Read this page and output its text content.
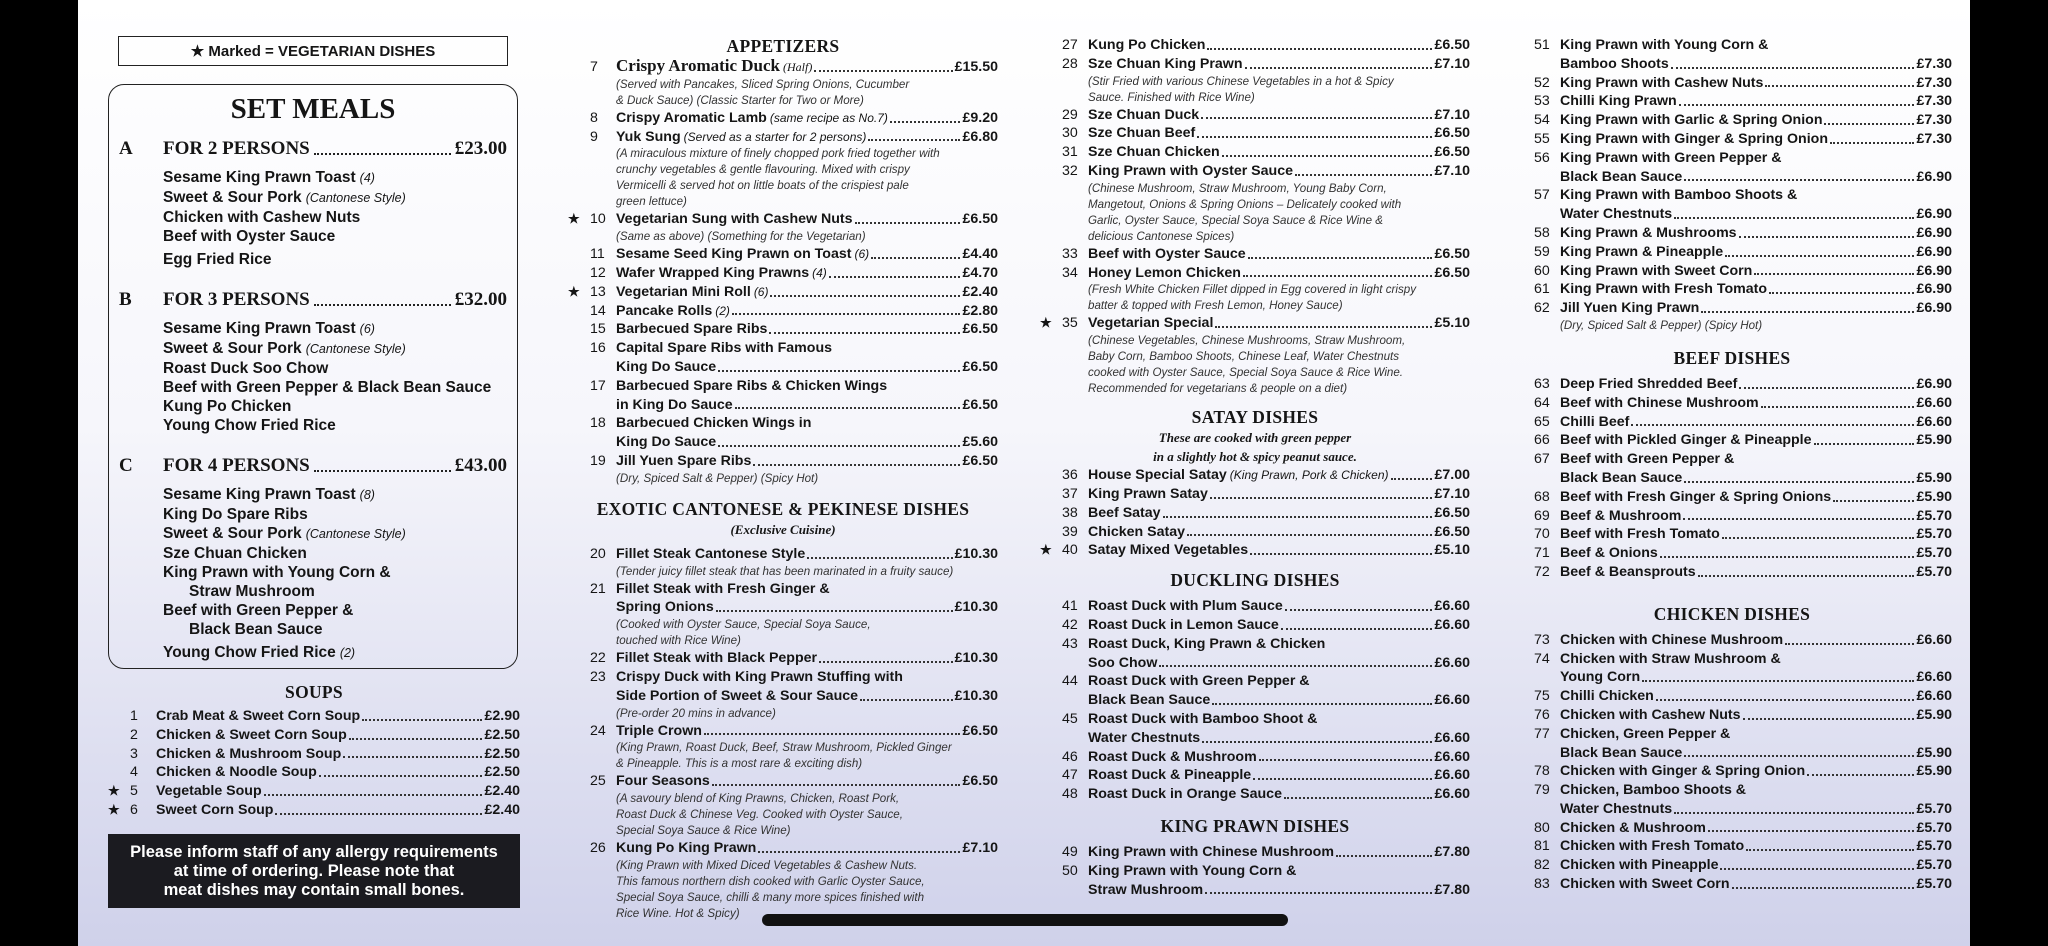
★ Marked = VEGETARIAN DISHES
SET MEALS
A	FOR 2 PERSONS	£23.00
Sesame King Prawn Toast (4)
Sweet & Sour Pork (Cantonese Style)
Chicken with Cashew Nuts
Beef with Oyster Sauce
Egg Fried Rice
B	FOR 3 PERSONS	£32.00
Sesame King Prawn Toast (6)
Sweet & Sour Pork (Cantonese Style)
Roast Duck Soo Chow
Beef with Green Pepper & Black Bean Sauce
Kung Po Chicken
Young Chow Fried Rice
C	FOR 4 PERSONS	£43.00
Sesame King Prawn Toast (8)
King Do Spare Ribs
Sweet & Sour Pork (Cantonese Style)
Sze Chuan Chicken
King Prawn with Young Corn &
Straw Mushroom
Beef with Green Pepper &
Black Bean Sauce
Young Chow Fried Rice (2)
SOUPS
1	Crab Meat & Sweet Corn Soup	£2.90
2	Chicken & Sweet Corn Soup	£2.50
3	Chicken & Mushroom Soup	£2.50
4	Chicken & Noodle Soup	£2.50
★ 5	Vegetable Soup	£2.40
★ 6	Sweet Corn Soup	£2.40
Please inform staff of any allergy requirements
at time of ordering. Please note that
meat dishes may contain small bones.
APPETIZERS
7	Crispy Aromatic Duck (Half)	£15.50
(Served with Pancakes, Sliced Spring Onions, Cucumber
& Duck Sauce) (Classic Starter for Two or More)
8	Crispy Aromatic Lamb (same recipe as No.7)	£9.20
9	Yuk Sung (Served as a starter for 2 persons)	£6.80
(A miraculous mixture of finely chopped pork fried together with
crunchy vegetables & gentle flavouring. Mixed with crispy
Vermicelli & served hot on little boats of the crispiest pale
green lettuce)
★ 10 Vegetarian Sung with Cashew Nuts	£6.50
(Same as above) (Something for the Vegetarian)
11 Sesame Seed King Prawn on Toast (6)	£4.40
12 Wafer Wrapped King Prawns (4)	£4.70
★ 13 Vegetarian Mini Roll (6)	£2.40
14 Pancake Rolls (2)	£2.80
15 Barbecued Spare Ribs	£6.50
16 Capital Spare Ribs with Famous
King Do Sauce	£6.50
17 Barbecued Spare Ribs & Chicken Wings
in King Do Sauce	£6.50
18 Barbecued Chicken Wings in
King Do Sauce	£5.60
19 Jill Yuen Spare Ribs	£6.50
(Dry, Spiced Salt & Pepper) (Spicy Hot)
EXOTIC CANTONESE & PEKINESE DISHES
(Exclusive Cuisine)
20 Fillet Steak Cantonese Style	£10.30
(Tender juicy fillet steak that has been marinated in a fruity sauce)
21 Fillet Steak with Fresh Ginger &
Spring Onions	£10.30
(Cooked with Oyster Sauce, Special Soya Sauce,
touched with Rice Wine)
22 Fillet Steak with Black Pepper	£10.30
23 Crispy Duck with King Prawn Stuffing with
Side Portion of Sweet & Sour Sauce	£10.30
(Pre-order 20 mins in advance)
24 Triple Crown	£6.50
(King Prawn, Roast Duck, Beef, Straw Mushroom, Pickled Ginger
& Pineapple. This is a most rare & exciting dish)
25 Four Seasons	£6.50
(A savoury blend of King Prawns, Chicken, Roast Pork,
Roast Duck & Chinese Veg. Cooked with Oyster Sauce,
Special Soya Sauce & Rice Wine)
26 Kung Po King Prawn	£7.10
(King Prawn with Mixed Diced Vegetables & Cashew Nuts.
This famous northern dish cooked with Garlic Oyster Sauce,
Special Soya Sauce, chilli & many more spices finished with
Rice Wine. Hot & Spicy)
27 Kung Po Chicken	£6.50
28 Sze Chuan King Prawn	£7.10
(Stir Fried with various Chinese Vegetables in a hot & Spicy
Sauce. Finished with Rice Wine)
29 Sze Chuan Duck	£7.10
30 Sze Chuan Beef	£6.50
31 Sze Chuan Chicken	£6.50
32 King Prawn with Oyster Sauce	£7.10
(Chinese Mushroom, Straw Mushroom, Young Baby Corn,
Mangetout, Onions & Spring Onions – Delicately cooked with
Garlic, Oyster Sauce, Special Soya Sauce & Rice Wine &
delicious Cantonese Spices)
33 Beef with Oyster Sauce	£6.50
34 Honey Lemon Chicken	£6.50
(Fresh White Chicken Fillet dipped in Egg covered in light crispy
batter & topped with Fresh Lemon, Honey Sauce)
★ 35 Vegetarian Special	£5.10
(Chinese Vegetables, Chinese Mushrooms, Straw Mushroom,
Baby Corn, Bamboo Shoots, Chinese Leaf, Water Chestnuts
cooked with Oyster Sauce, Special Soya Sauce & Rice Wine.
Recommended for vegetarians & people on a diet)
SATAY DISHES
These are cooked with green pepper
in a slightly hot & spicy peanut sauce.
36 House Special Satay (King Prawn, Pork & Chicken)	£7.00
37 King Prawn Satay	£7.10
38 Beef Satay	£6.50
39 Chicken Satay	£6.50
★ 40 Satay Mixed Vegetables	£5.10
DUCKLING DISHES
41 Roast Duck with Plum Sauce	£6.60
42 Roast Duck in Lemon Sauce	£6.60
43 Roast Duck, King Prawn & Chicken
Soo Chow	£6.60
44 Roast Duck with Green Pepper &
Black Bean Sauce	£6.60
45 Roast Duck with Bamboo Shoot &
Water Chestnuts	£6.60
46 Roast Duck & Mushroom	£6.60
47 Roast Duck & Pineapple	£6.60
48 Roast Duck in Orange Sauce	£6.60
KING PRAWN DISHES
49 King Prawn with Chinese Mushroom	£7.80
50 King Prawn with Young Corn &
Straw Mushroom	£7.80
51 King Prawn with Young Corn &
Bamboo Shoots	£7.30
52 King Prawn with Cashew Nuts	£7.30
53 Chilli King Prawn	£7.30
54 King Prawn with Garlic & Spring Onion	£7.30
55 King Prawn with Ginger & Spring Onion	£7.30
56 King Prawn with Green Pepper &
Black Bean Sauce	£6.90
57 King Prawn with Bamboo Shoots &
Water Chestnuts	£6.90
58 King Prawn & Mushrooms	£6.90
59 King Prawn & Pineapple	£6.90
60 King Prawn with Sweet Corn	£6.90
61 King Prawn with Fresh Tomato	£6.90
62 Jill Yuen King Prawn	£6.90
(Dry, Spiced Salt & Pepper) (Spicy Hot)
BEEF DISHES
63 Deep Fried Shredded Beef	£6.90
64 Beef with Chinese Mushroom	£6.60
65 Chilli Beef	£6.60
66 Beef with Pickled Ginger & Pineapple	£5.90
67 Beef with Green Pepper &
Black Bean Sauce	£5.90
68 Beef with Fresh Ginger & Spring Onions	£5.90
69 Beef & Mushroom	£5.70
70 Beef with Fresh Tomato	£5.70
71 Beef & Onions	£5.70
72 Beef & Beansprouts	£5.70
CHICKEN DISHES
73 Chicken with Chinese Mushroom	£6.60
74 Chicken with Straw Mushroom &
Young Corn	£6.60
75 Chilli Chicken	£6.60
76 Chicken with Cashew Nuts	£5.90
77 Chicken, Green Pepper &
Black Bean Sauce	£5.90
78 Chicken with Ginger & Spring Onion	£5.90
79 Chicken, Bamboo Shoots &
Water Chestnuts	£5.70
80 Chicken & Mushroom	£5.70
81 Chicken with Fresh Tomato	£5.70
82 Chicken with Pineapple	£5.70
83 Chicken with Sweet Corn	£5.70
